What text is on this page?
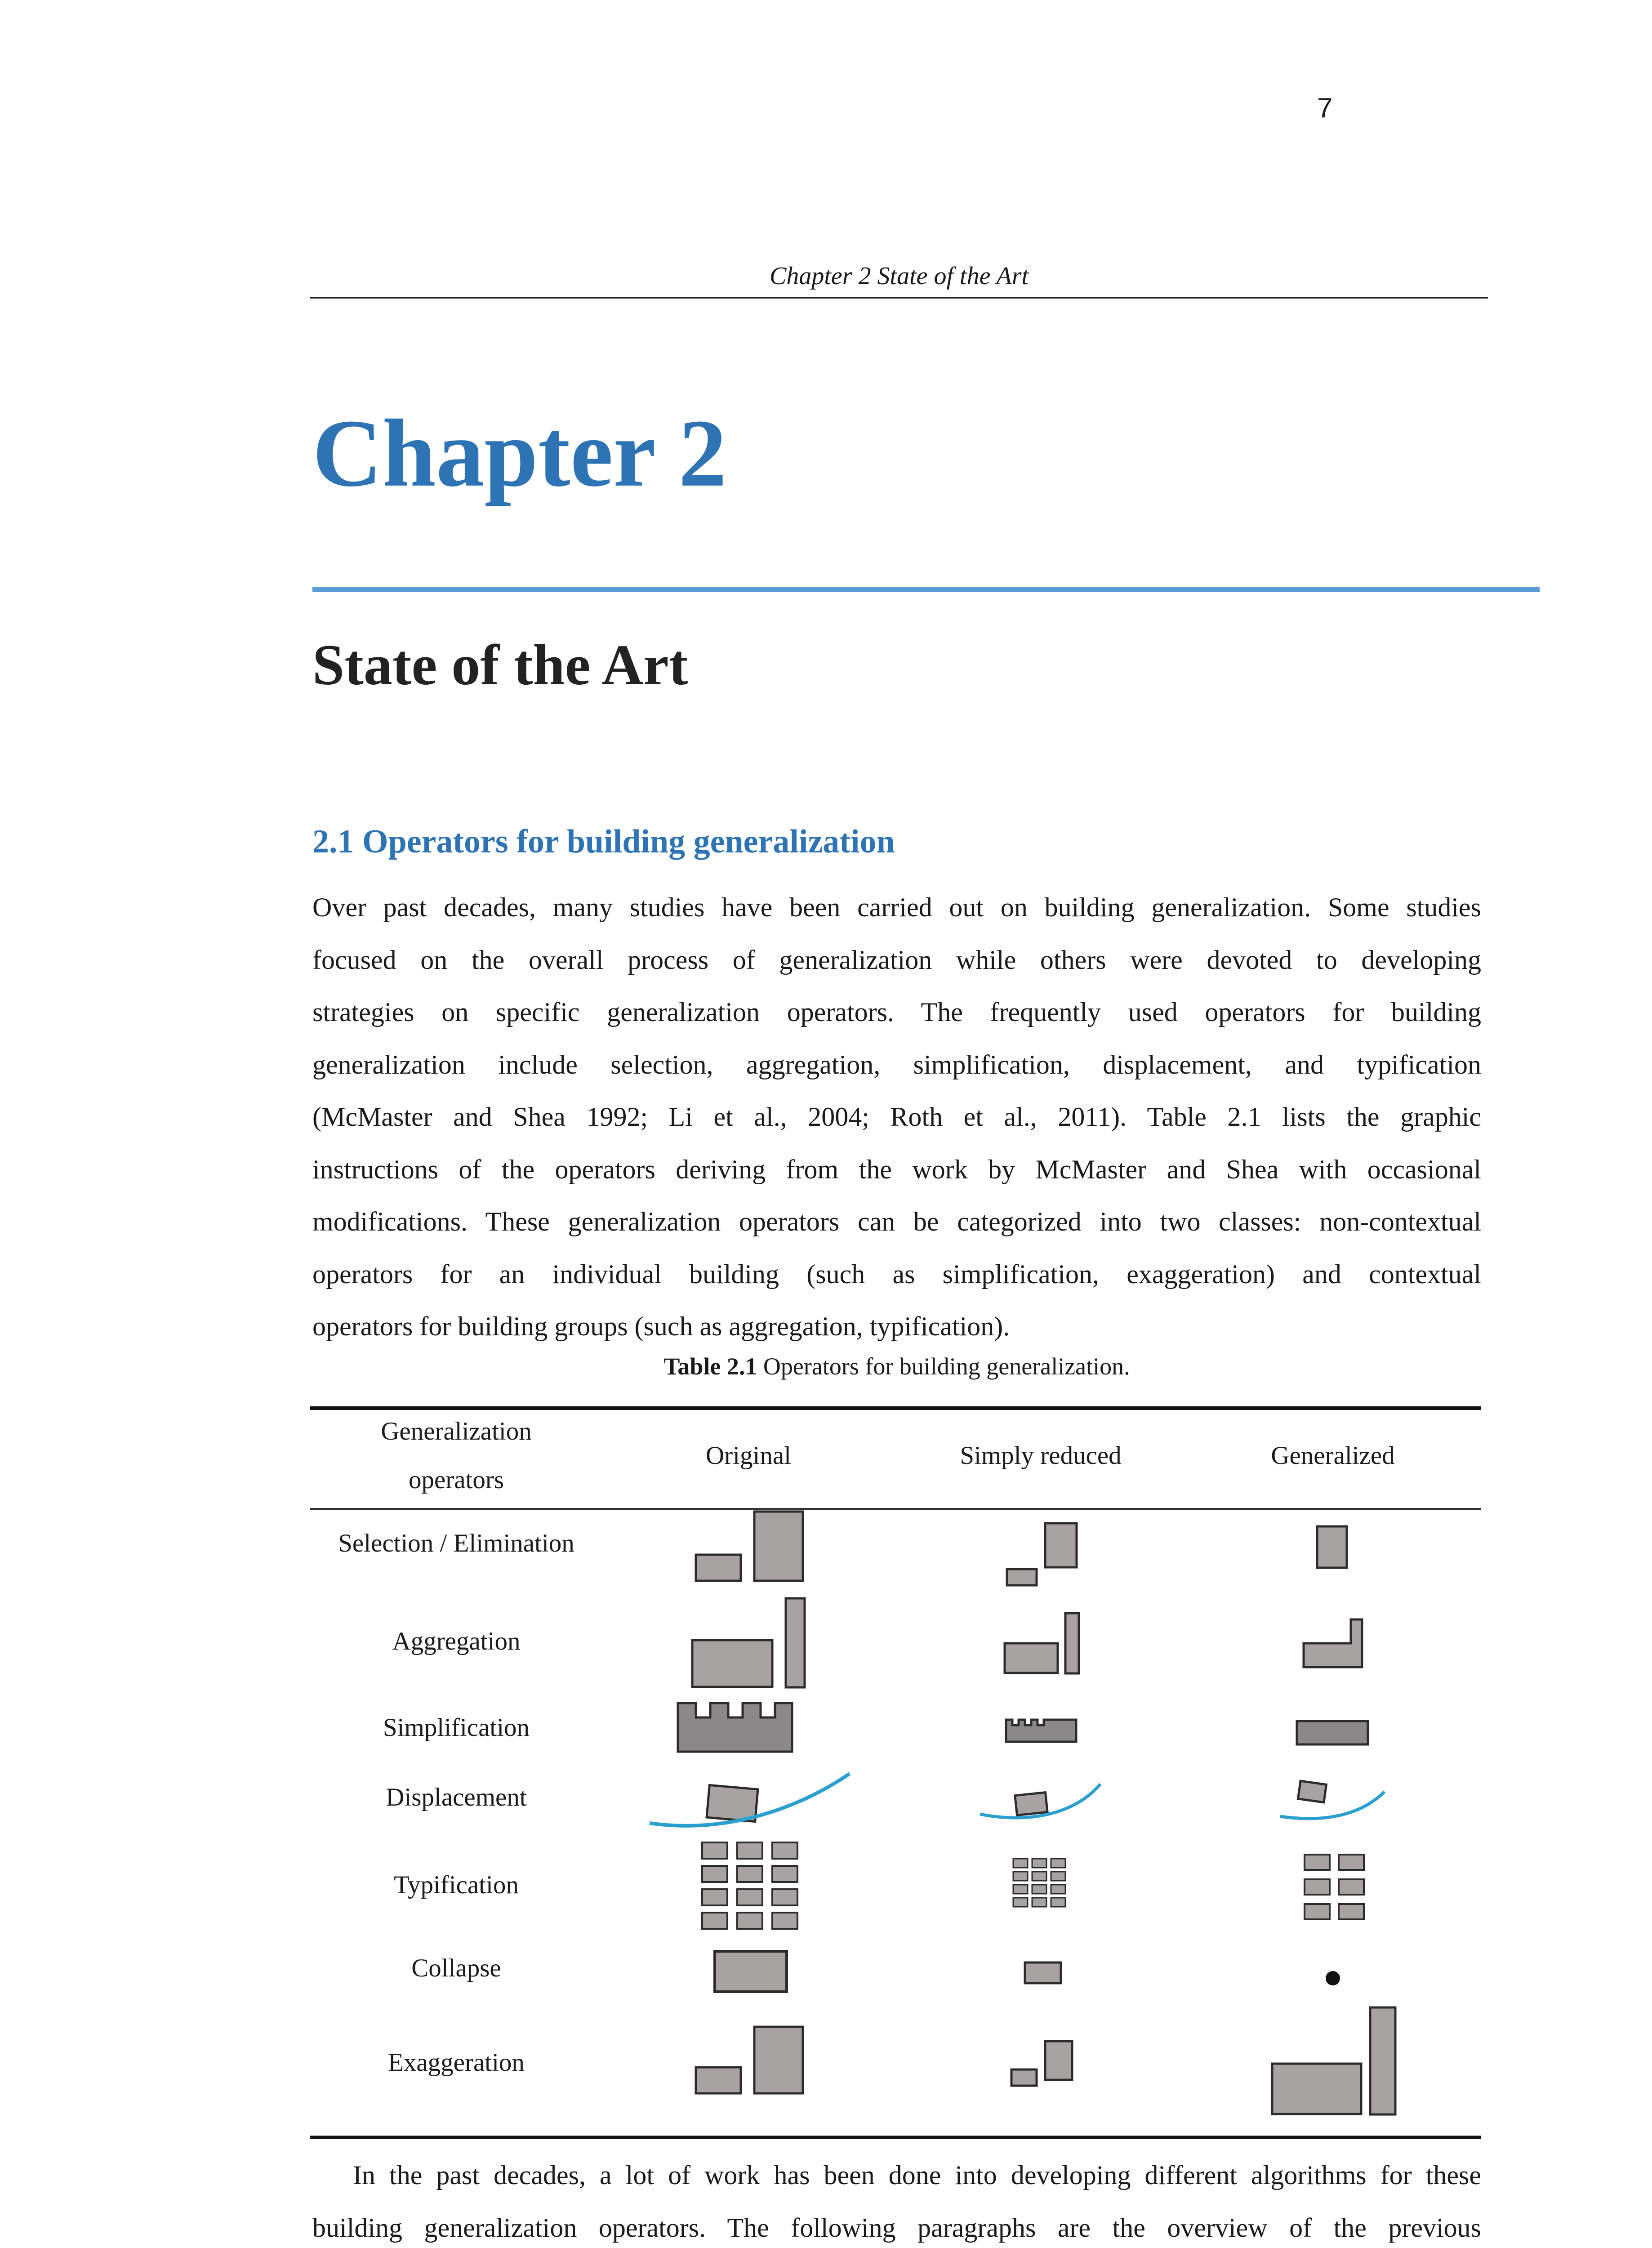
7
Chapter 2 State of the Art
Chapter 2
State of the Art
2.1 Operators for building generalization
Over past decades, many studies have been carried out on building generalization. Some studies
focused on the overall process of generalization while others were devoted to developing
strategies on specific generalization operators. The frequently used operators for building
generalization include selection, aggregation, simplification, displacement, and typification
(McMaster and Shea 1992; Li et al., 2004; Roth et al., 2011). Table 2.1 lists the graphic
instructions of the operators deriving from the work by McMaster and Shea with occasional
modifications. These generalization operators can be categorized into two classes: non-contextual
operators for an individual building (such as simplification, exaggeration) and contextual
operators for building groups (such as aggregation, typification).
Table 2.1 Operators for building generalization.
Generalization
operators
Original	Simply reduced	Generalized
Selection / Elimination
Aggregation
Simplification
Displacement
Typification
Collapse
Exaggeration
In the past decades, a lot of work has been done into developing different algorithms for these
building generalization operators. The following paragraphs are the overview of the previous
